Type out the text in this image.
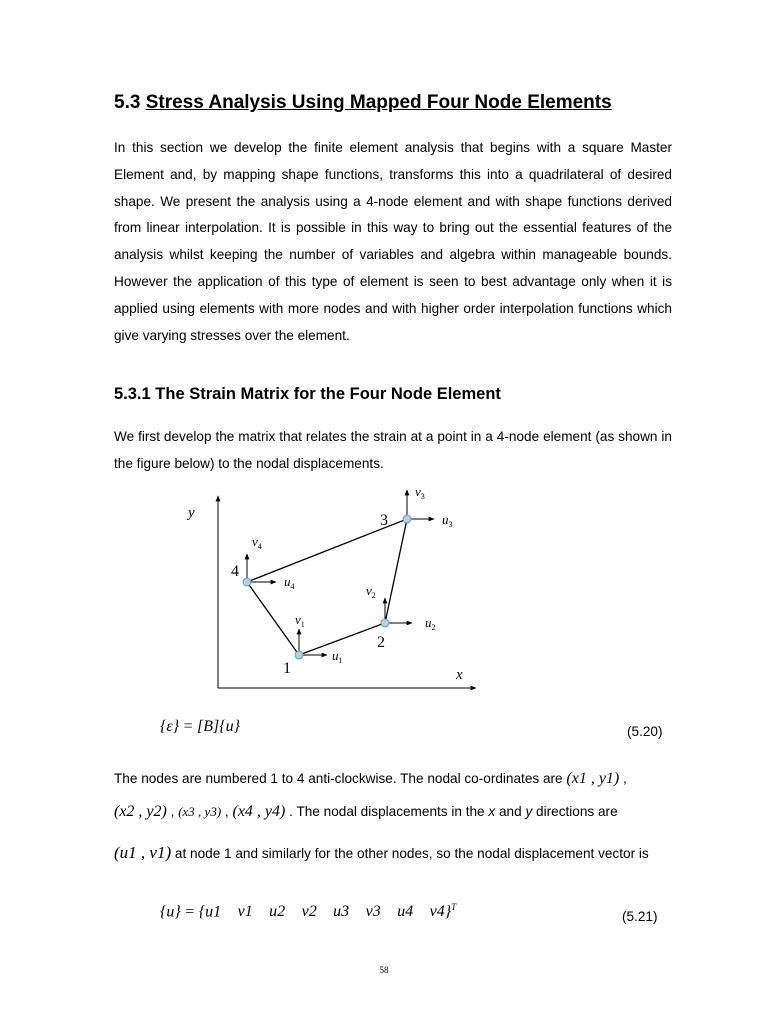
5.3 Stress Analysis Using Mapped Four Node Elements
In this section we develop the finite element analysis that begins with a square Master Element and, by mapping shape functions, transforms this into a quadrilateral of desired shape. We present the analysis using a 4-node element and with shape functions derived from linear interpolation. It is possible in this way to bring out the essential features of the analysis whilst keeping the number of variables and algebra within manageable bounds. However the application of this type of element is seen to best advantage only when it is applied using elements with more nodes and with higher order interpolation functions which give varying stresses over the element.
5.3.1 The Strain Matrix for the Four Node Element
We first develop the matrix that relates the strain at a point in a 4-node element (as shown in the figure below) to the nodal displacements.
y
x
1
$v_1$
$u_1$
2
$v_2$
$u_2$
3
$v_3$
$u_3$
4
$v_4$
$u_4$
{ε} = [B]{u}	(5.20)
The nodes are numbered 1 to 4 anti-clockwise. The nodal co-ordinates are (x1 , y1) ,
(x2 , y2) , (x3 , y3) , (x4 , y4) . The nodal displacements in the x and y directions are
(u1 , v1) at node 1 and similarly for the other nodes, so the nodal displacement vector is
{u} = {u1 v1 u2 v2 u3 v3 u4 v4}$^T$
(5.21)
58
